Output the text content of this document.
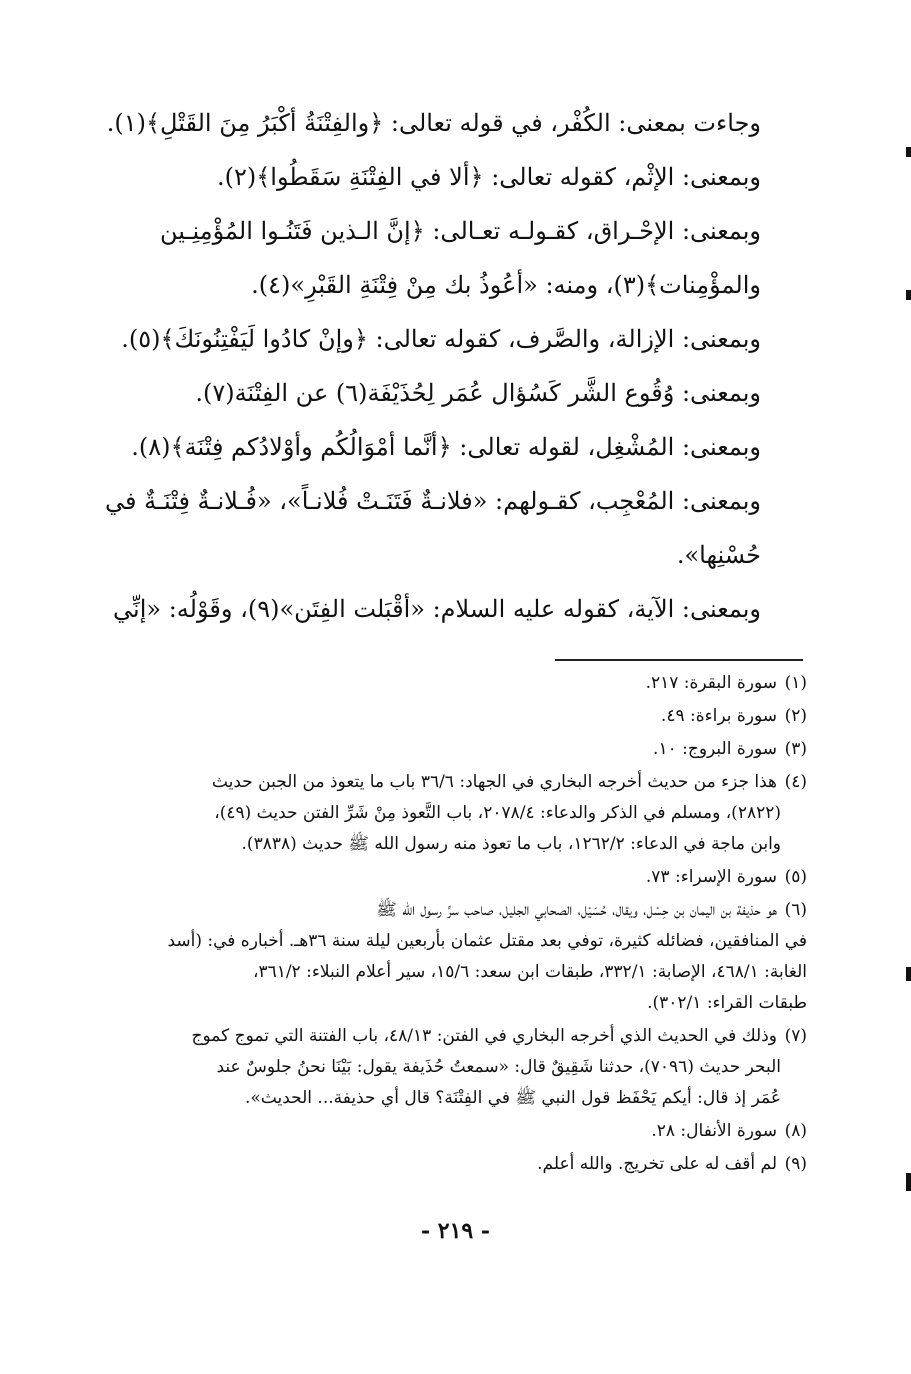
وجاءت بمعنى: الكُفْر، في قوله تعالى: ﴿والفِتْنَةُ أكْبَرُ مِنَ القَتْلِ﴾(١).

وبمعنى: الإثْم، كقوله تعالى: ﴿ألا في الفِتْنَةِ سَقَطُوا﴾(٢).

وبمعنى: الإحْـراق، كقـولـه تعـالى: ﴿إنَّ الـذين فَتَنُـوا المُؤْمِنِـين

والمؤْمِنات﴾(٣)، ومنه: «أعُوذُ بك مِنْ فِتْنَةِ القَبْرِ»(٤).

وبمعنى: الإزالة، والصَّرف، كقوله تعالى: ﴿وإنْ كادُوا لَيَفْتِنُونَكَ﴾(٥).

وبمعنى: وُقُوع الشَّر كَسُؤال عُمَر لِحُذَيْفَة(٦) عن الفِتْنَة(٧).

وبمعنى: المُشْغِل، لقوله تعالى: ﴿أنَّما أمْوَالُكُم وأوْلادُكم فِتْنَة﴾(٨).

وبمعنى: المُعْجِب، كقـولهم: «فلانـةٌ فَتَنَـتْ فُلانـاً»، «فُـلانـةٌ فِتْنَـةٌ في

حُسْنِها».

وبمعنى: الآية، كقوله عليه السلام: «أقْبَلت الفِتَن»(٩)، وقَوْلُه: «إنِّي

(١)سورة البقرة: ٢١٧.
(٢)سورة براءة: ٤٩.
(٣)سورة البروج: ١٠.

(٤)هذا جزء من حديث أخرجه البخاري في الجهاد: ٣٦/٦ باب ما يتعوذ من الجبن حديث

(٢٨٢٢)، ومسلم في الذكر والدعاء: ٢٠٧٨/٤، باب التَّعوذ مِنْ شَرِّ الفتن حديث (٤٩)،

وابن ماجة في الدعاء: ١٢٦٢/٢، باب ما تعوذ منه رسول الله ﷺ حديث (٣٨٣٨).

(٥)سورة الإسراء: ٧٣.

(٦)هو حذيفة بن اليمان بن حِسْل، ويقال، حُسَيْل، الصحابي الجليل، صاحب سرِّ رسول الله ﷺ

في المنافقين، فضائله كثيرة، توفي بعد مقتل عثمان بأربعين ليلة سنة ٣٦هـ. أخباره في: (أسد

الغابة: ٤٦٨/١، الإصابة: ٣٣٢/١، طبقات ابن سعد: ١٥/٦، سير أعلام النبلاء: ٣٦١/٢،

طبقات القراء: ٣٠٢/١).

(٧)وذلك في الحديث الذي أخرجه البخاري في الفتن: ٤٨/١٣، باب الفتنة التي تموج كموج

البحر حديث (٧٠٩٦)، حدثنا شَقِيقٌ قال: «سمعتُ حُذَيفة يقول: بَيْنَا نحنُ جلوسٌ عند

عُمَر إذ قال: أيكم يَحْفَظ قول النبي ﷺ في الفِتْنَة؟ قال أي حذيفة... الحديث».

(٨)سورة الأنفال: ٢٨.
(٩)لم أقف له على تخريج. والله أعلم.
- ٢١٩ -
